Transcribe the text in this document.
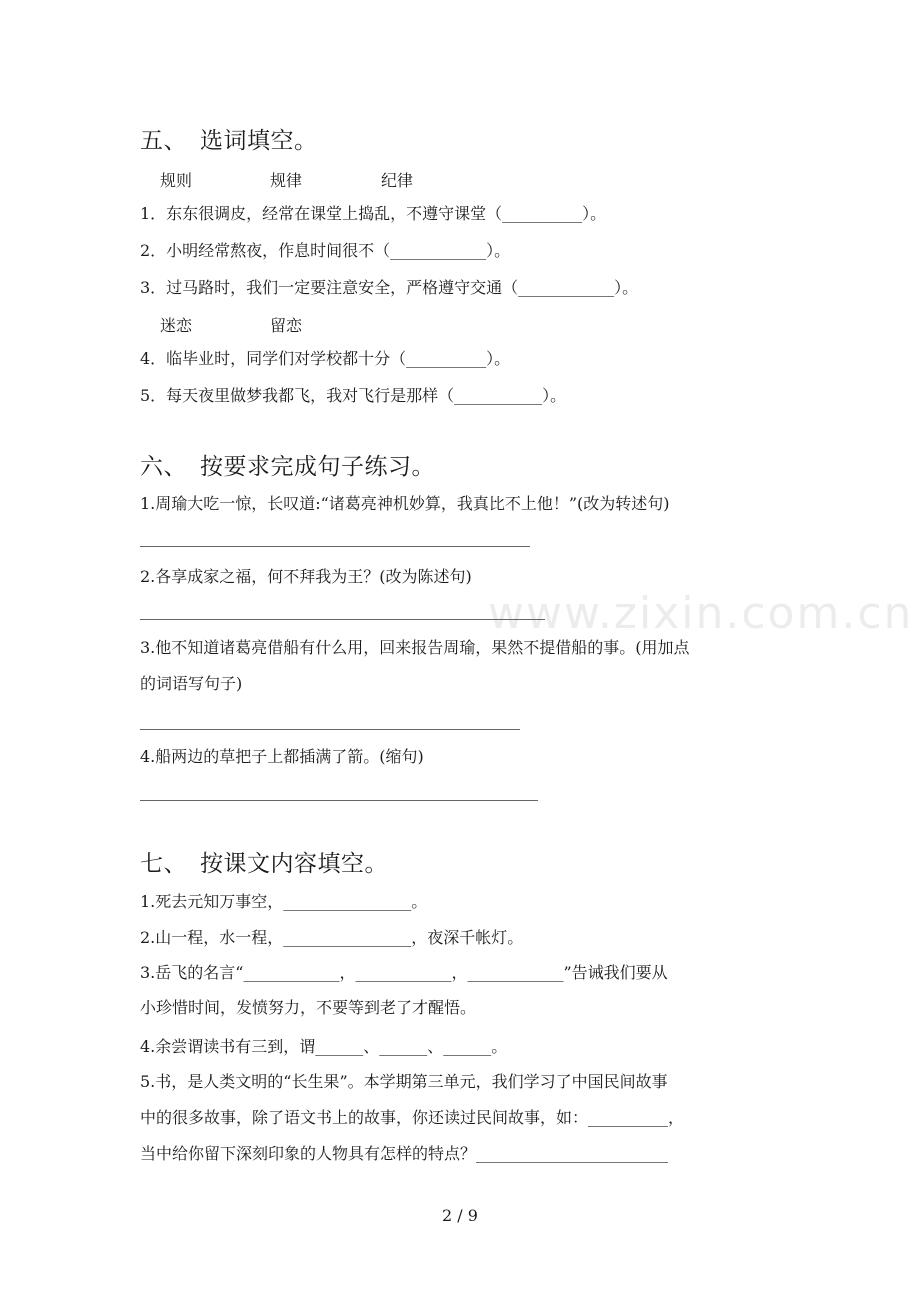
www.zixin.com.cn
五、 选词填空。
规则	规律	纪律
1．东东很调皮，经常在课堂上捣乱，不遵守课堂（__________）。
2．小明经常熬夜，作息时间很不（____________）。
3．过马路时，我们一定要注意安全，严格遵守交通（____________）。
迷恋	留恋
4．临毕业时，同学们对学校都十分（__________）。
5．每天夜里做梦我都飞，我对飞行是那样（___________）。
六、 按要求完成句子练习。
1.周瑜大吃一惊，长叹道:“诸葛亮神机妙算，我真比不上他！”(改为转述句)
2.各享成家之福，何不拜我为王？(改为陈述句)
3.他不知道诸葛亮借船有什么用，回来报告周瑜，果然不提借船的事。(用加点
的词语写句子)
4.船两边的草把子上都插满了箭。(缩句)
七、 按课文内容填空。
1.死去元知万事空，________________。
2.山一程，水一程，________________，夜深千帐灯。
3.岳飞的名言“____________，____________，____________”告诫我们要从
小珍惜时间，发愤努力，不要等到老了才醒悟。
4.余尝谓读书有三到，谓______、______、______。
5.书，是人类文明的“长生果”。本学期第三单元，我们学习了中国民间故事
中的很多故事，除了语文书上的故事，你还读过民间故事，如：__________，
当中给你留下深刻印象的人物具有怎样的特点？________________________
2 / 9
